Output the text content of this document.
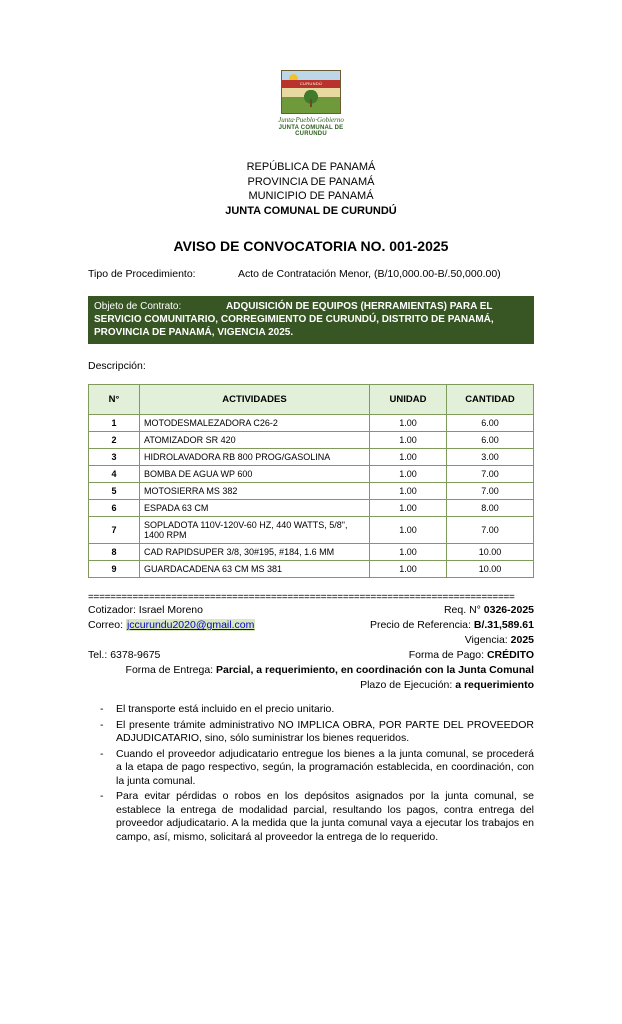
CURUNDÚ
Junta·Pueblo·Gobierno
JUNTA COMUNAL DE CURUNDU
REPÚBLICA DE PANAMÁ
PROVINCIA DE PANAMÁ
MUNICIPIO DE PANAMÁ
JUNTA COMUNAL DE CURUNDÚ
AVISO DE CONVOCATORIA NO. 001-2025
Tipo de Procedimiento:	Acto de Contratación Menor, (B/10,000.00-B/.50,000.00)
Objeto de Contrato:	ADQUISICIÓN DE EQUIPOS (HERRAMIENTAS) PARA EL SERVICIO COMUNITARIO, CORREGIMIENTO DE CURUNDÚ, DISTRITO DE PANAMÁ, PROVINCIA DE PANAMÁ, VIGENCIA 2025.
Descripción:
N°	ACTIVIDADES	UNIDAD	CANTIDAD
1	MOTODESMALEZADORA C26-2	1.00	6.00
2	ATOMIZADOR SR 420	1.00	6.00
3	HIDROLAVADORA RB 800 PROG/GASOLINA	1.00	3.00
4	BOMBA DE AGUA WP 600	1.00	7.00
5	MOTOSIERRA MS 382	1.00	7.00
6	ESPADA 63 CM	1.00	8.00
7	SOPLADOTA 110V-120V-60 HZ, 440 WATTS, 5/8", 1400 RPM	1.00	7.00
8	CAD RAPIDSUPER 3/8, 30#195, #184, 1.6 MM	1.00	10.00
9	GUARDACADENA 63 CM MS 381	1.00	10.00
=============================================================================
Cotizador: Israel Moreno	Req. N° 0326-2025
Correo: jccurundu2020@gmail.com	Precio de Referencia: B/.31,589.61
Vigencia: 2025
Tel.: 6378-9675	Forma de Pago: CRÉDITO
Forma de Entrega: Parcial, a requerimiento, en coordinación con la Junta Comunal
Plazo de Ejecución: a requerimiento
- El transporte está incluido en el precio unitario.
- El presente trámite administrativo NO IMPLICA OBRA, POR PARTE DEL PROVEEDOR ADJUDICATARIO, sino, sólo suministrar los bienes requeridos.
- Cuando el proveedor adjudicatario entregue los bienes a la junta comunal, se procederá a la etapa de pago respectivo, según, la programación establecida, en coordinación, con la junta comunal.
- Para evitar pérdidas o robos en los depósitos asignados por la junta comunal, se establece la entrega de modalidad parcial, resultando los pagos, contra entrega del proveedor adjudicatario. A la medida que la junta comunal vaya a ejecutar los trabajos en campo, así, mismo, solicitará al proveedor la entrega de lo requerido.
